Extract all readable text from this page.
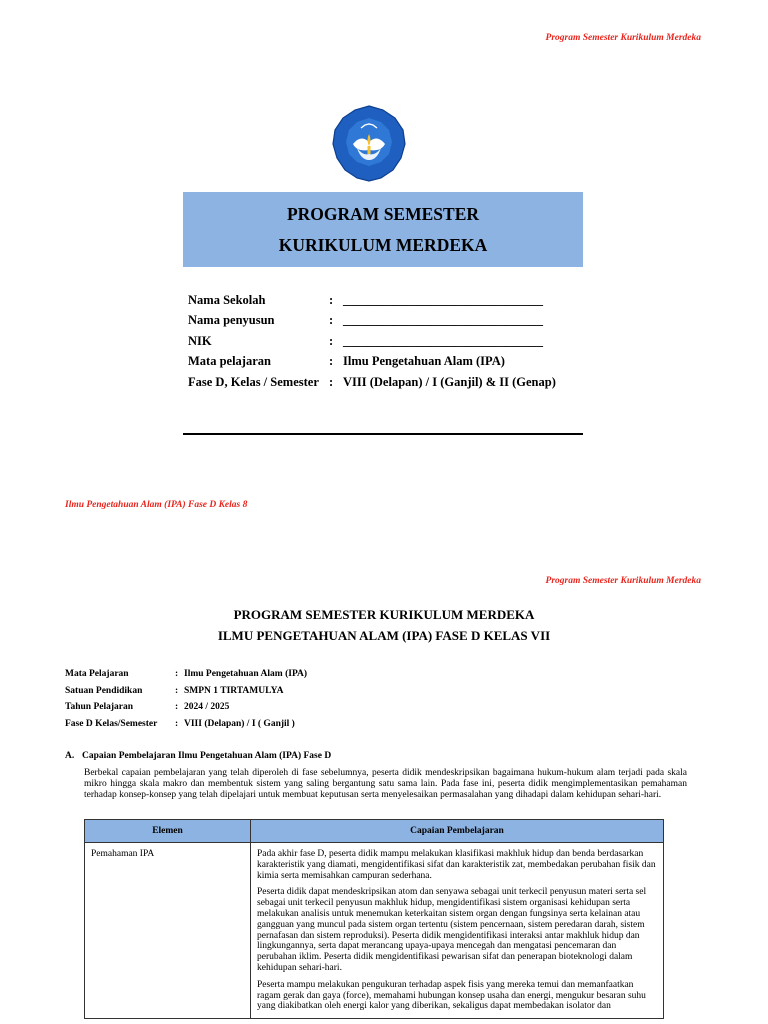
Program Semester Kurikulum Merdeka
PROGRAM SEMESTER
KURIKULUM MERDEKA
Nama Sekolah	: ________________________________
Nama penyusun	: ________________________________
NIK	: ________________________________
Mata pelajaran	: Ilmu Pengetahuan Alam (IPA)
Fase D, Kelas / Semester : VIII (Delapan) / I (Ganjil) & II (Genap)
Ilmu Pengetahuan Alam (IPA) Fase D Kelas 8
Program Semester Kurikulum Merdeka
PROGRAM SEMESTER KURIKULUM MERDEKA
ILMU PENGETAHUAN ALAM (IPA) FASE D KELAS VII
Mata Pelajaran	: Ilmu Pengetahuan Alam (IPA)
Satuan Pendidikan	: SMPN 1 TIRTAMULYA
Tahun Pelajaran	: 2024 / 2025
Fase D Kelas/Semester	: VIII (Delapan) / I ( Ganjil )
A. Capaian Pembelajaran Ilmu Pengetahuan Alam (IPA) Fase D
Berbekal capaian pembelajaran yang telah diperoleh di fase sebelumnya, peserta didik mendeskripsikan bagaimana hukum-hukum alam terjadi pada skala mikro hingga skala makro dan membentuk sistem yang saling bergantung satu sama lain. Pada fase ini, peserta didik mengimplementasikan pemahaman terhadap konsep-konsep yang telah dipelajari untuk membuat keputusan serta menyelesaikan permasalahan yang dihadapi dalam kehidupan sehari-hari.
Elemen	Capaian Pembelajaran
Pemahaman IPA	Pada akhir fase D, peserta didik mampu melakukan klasifikasi makhluk hidup dan benda berdasarkan karakteristik yang diamati, mengidentifikasi sifat dan karakteristik zat, membedakan perubahan fisik dan kimia serta memisahkan campuran sederhana.

Peserta didik dapat mendeskripsikan atom dan senyawa sebagai unit terkecil penyusun materi serta sel sebagai unit terkecil penyusun makhluk hidup, mengidentifikasi sistem organisasi kehidupan serta melakukan analisis untuk menemukan keterkaitan sistem organ dengan fungsinya serta kelainan atau gangguan yang muncul pada sistem organ tertentu (sistem pencernaan, sistem peredaran darah, sistem pernafasan dan sistem reproduksi). Peserta didik mengidentifikasi interaksi antar makhluk hidup dan lingkungannya, serta dapat merancang upaya-upaya mencegah dan mengatasi pencemaran dan perubahan iklim. Peserta didik mengidentifikasi pewarisan sifat dan penerapan bioteknologi dalam kehidupan sehari-hari.

Peserta mampu melakukan pengukuran terhadap aspek fisis yang mereka temui dan memanfaatkan ragam gerak dan gaya (force), memahami hubungan konsep usaha dan energi, mengukur besaran suhu yang diakibatkan oleh energi kalor yang diberikan, sekaligus dapat membedakan isolator dan
